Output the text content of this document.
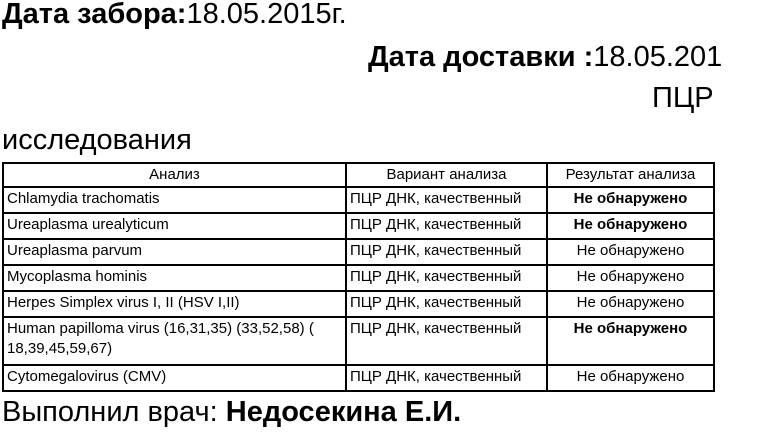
Дата забора:18.05.2015г.
Дата доставки :18.05.201
ПЦР
исследования
Анализ	Вариант анализа	Результат анализа
Chlamydia trachomatis	ПЦР ДНК, качественный	Не обнаружено
Ureaplasma urealyticum	ПЦР ДНК, качественный	Не обнаружено
Ureaplasma parvum	ПЦР ДНК, качественный	Не обнаружено
Mycoplasma hominis	ПЦР ДНК, качественный	Не обнаружено
Herpes Simplex virus I, II (HSV I,II)	ПЦР ДНК, качественный	Не обнаружено
Human papilloma virus (16,31,35) (33,52,58) ( 18,39,45,59,67)	ПЦР ДНК, качественный	Не обнаружено
Cytomegalovirus (CMV)	ПЦР ДНК, качественный	Не обнаружено
Выполнил врач: Недосекина Е.И.
